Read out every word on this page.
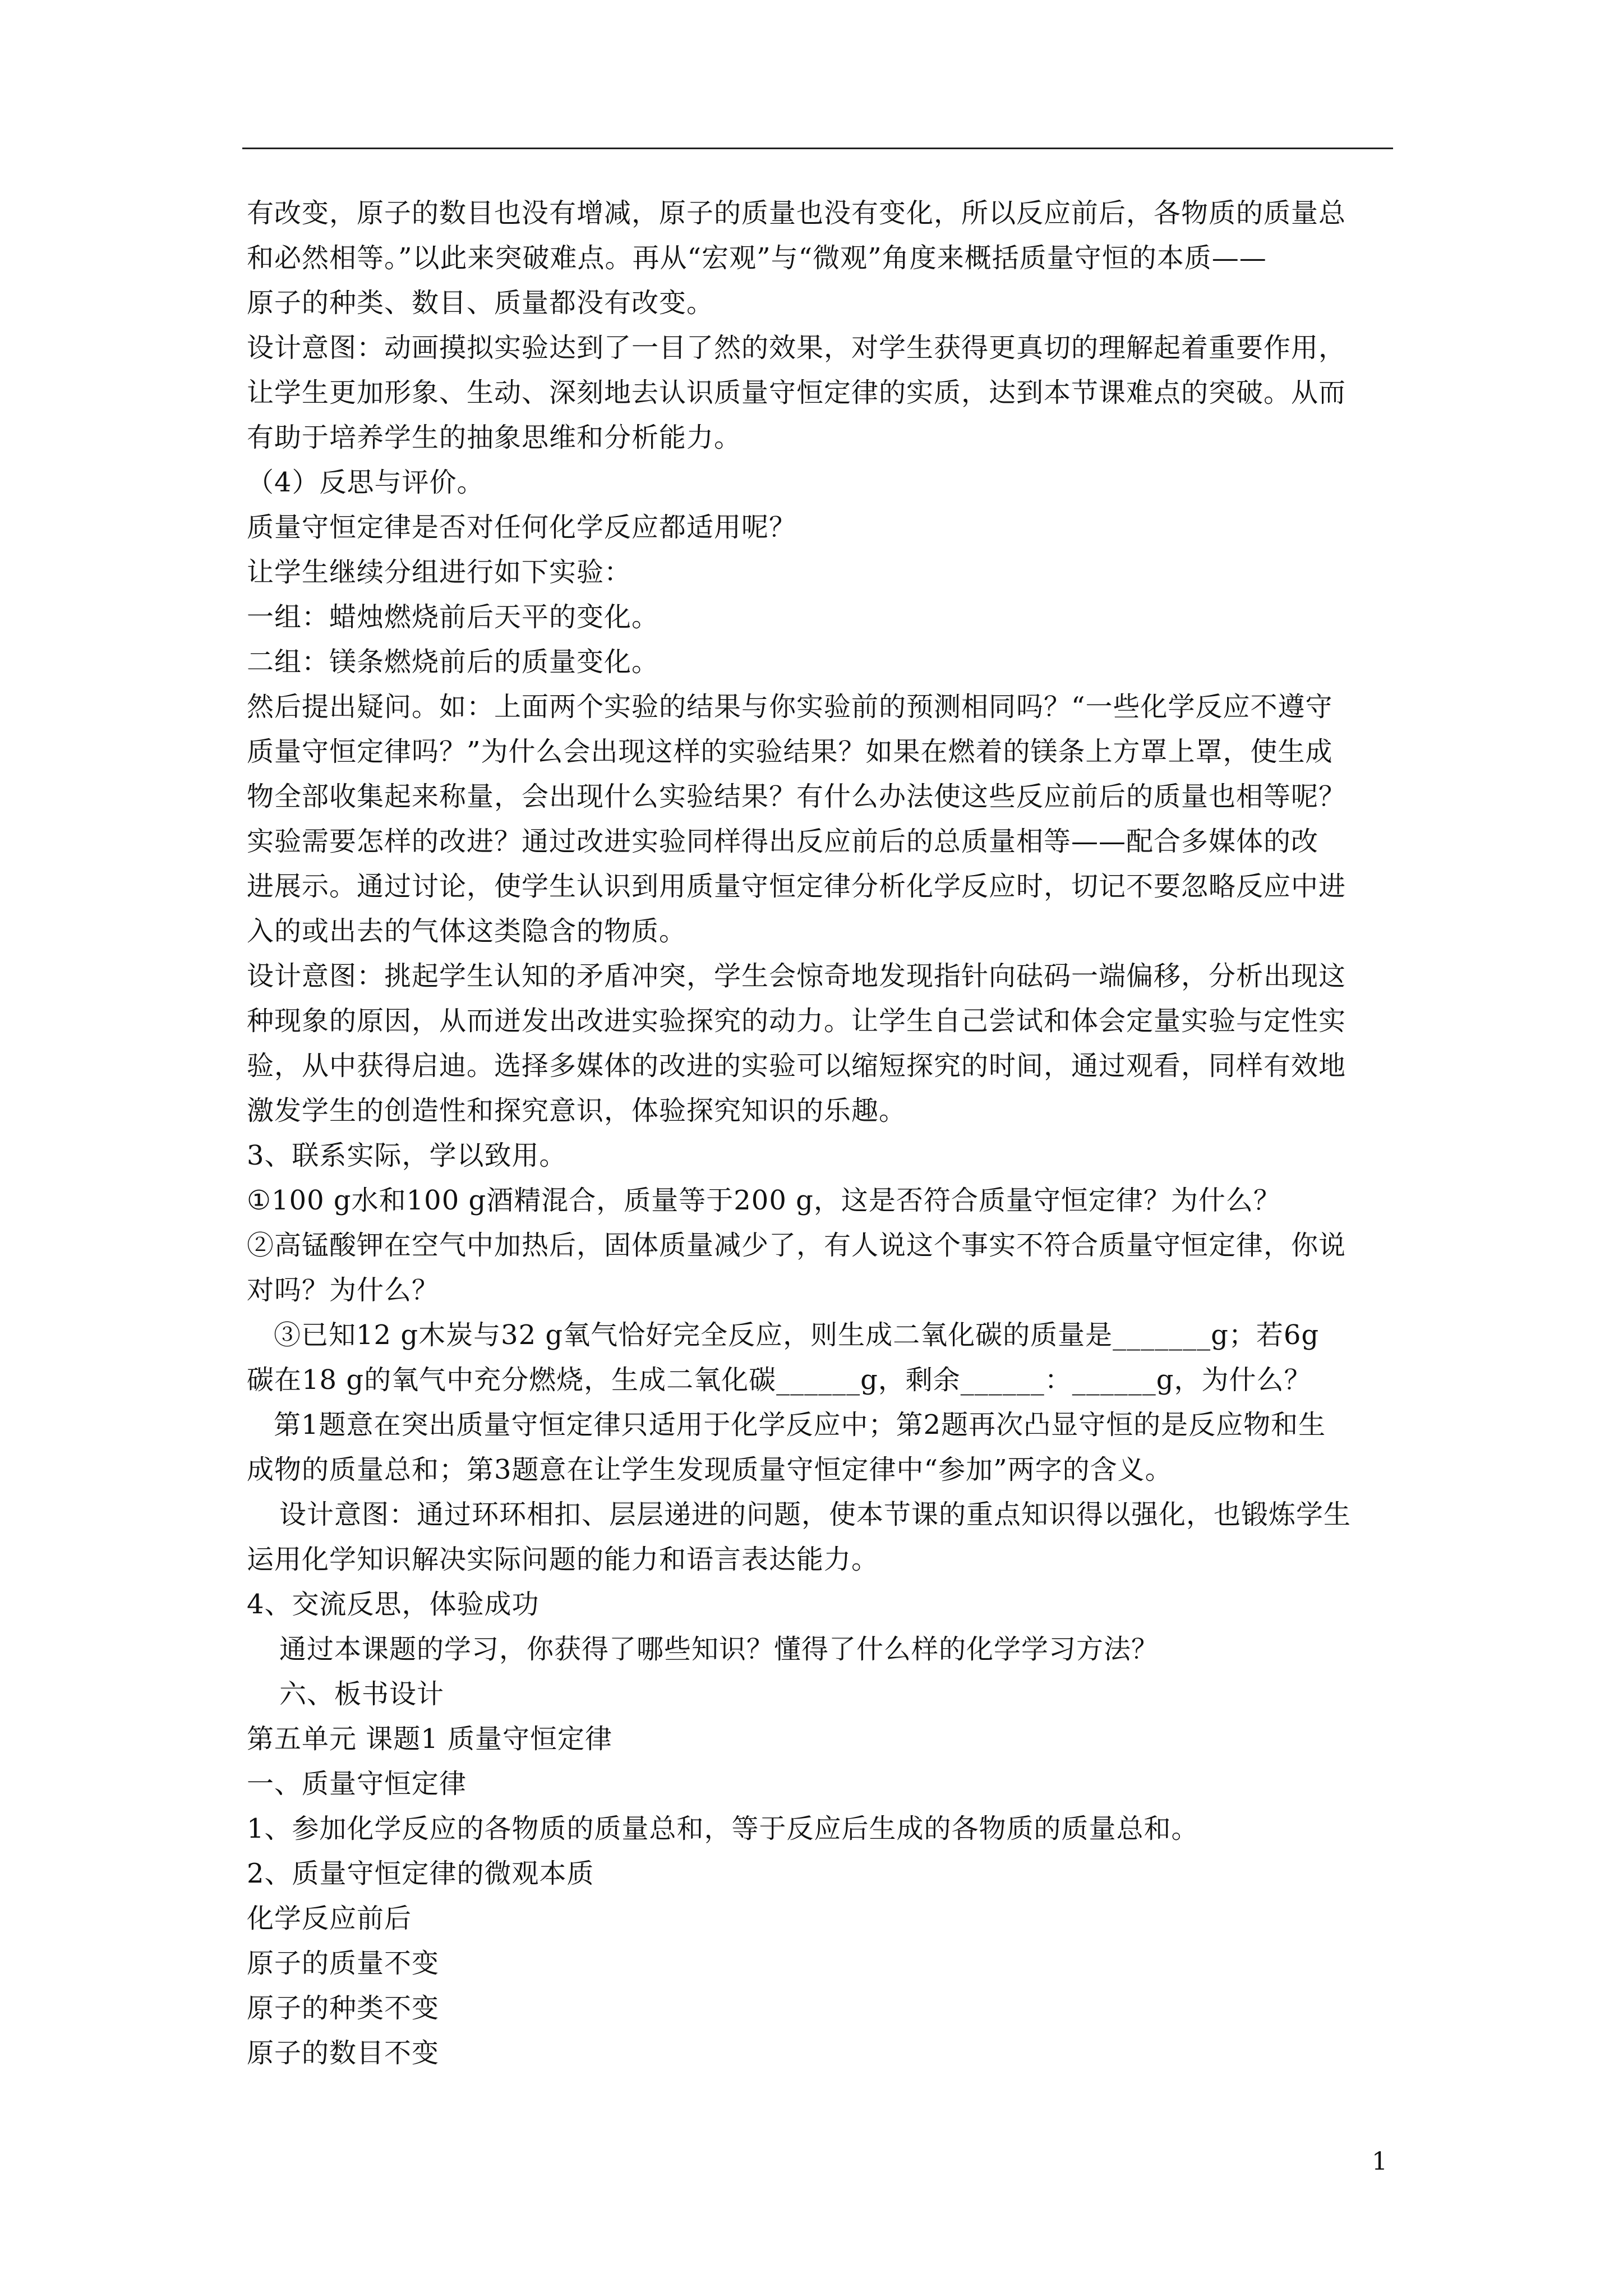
有改变，原子的数目也没有增减，原子的质量也没有变化，所以反应前后，各物质的质量总
和必然相等。”以此来突破难点。再从“宏观”与“微观”角度来概括质量守恒的本质——
原子的种类、数目、质量都没有改变。
设计意图：动画摸拟实验达到了一目了然的效果，对学生获得更真切的理解起着重要作用，
让学生更加形象、生动、深刻地去认识质量守恒定律的实质，达到本节课难点的突破。从而
有助于培养学生的抽象思维和分析能力。
（4）反思与评价。
质量守恒定律是否对任何化学反应都适用呢？
让学生继续分组进行如下实验：
一组：蜡烛燃烧前后天平的变化。
二组：镁条燃烧前后的质量变化。
然后提出疑问。如：上面两个实验的结果与你实验前的预测相同吗？“一些化学反应不遵守
质量守恒定律吗？”为什么会出现这样的实验结果？如果在燃着的镁条上方罩上罩，使生成
物全部收集起来称量，会出现什么实验结果？有什么办法使这些反应前后的质量也相等呢？
实验需要怎样的改进？通过改进实验同样得出反应前后的总质量相等——配合多媒体的改
进展示。通过讨论，使学生认识到用质量守恒定律分析化学反应时，切记不要忽略反应中进
入的或出去的气体这类隐含的物质。
设计意图：挑起学生认知的矛盾冲突，学生会惊奇地发现指针向砝码一端偏移，分析出现这
种现象的原因，从而迸发出改进实验探究的动力。让学生自己尝试和体会定量实验与定性实
验，从中获得启迪。选择多媒体的改进的实验可以缩短探究的时间，通过观看，同样有效地
激发学生的创造性和探究意识，体验探究知识的乐趣。
3、联系实际，学以致用。
①100 g水和100 g酒精混合，质量等于200 g，这是否符合质量守恒定律？为什么？
②高锰酸钾在空气中加热后，固体质量减少了，有人说这个事实不符合质量守恒定律，你说
对吗？为什么？
③已知12 g木炭与32 g氧气恰好完全反应，则生成二氧化碳的质量是_______g；若6g
碳在18 g的氧气中充分燃烧，生成二氧化碳______g，剩余______：______g，为什么？
第1题意在突出质量守恒定律只适用于化学反应中；第2题再次凸显守恒的是反应物和生
成物的质量总和；第3题意在让学生发现质量守恒定律中“参加”两字的含义。
设计意图：通过环环相扣、层层递进的问题，使本节课的重点知识得以强化，也锻炼学生
运用化学知识解决实际问题的能力和语言表达能力。
4、交流反思，体验成功
通过本课题的学习，你获得了哪些知识？懂得了什么样的化学学习方法？
六、板书设计
第五单元 课题1 质量守恒定律
一、质量守恒定律
1、参加化学反应的各物质的质量总和，等于反应后生成的各物质的质量总和。
2、质量守恒定律的微观本质
化学反应前后
原子的质量不变
原子的种类不变
原子的数目不变
1
